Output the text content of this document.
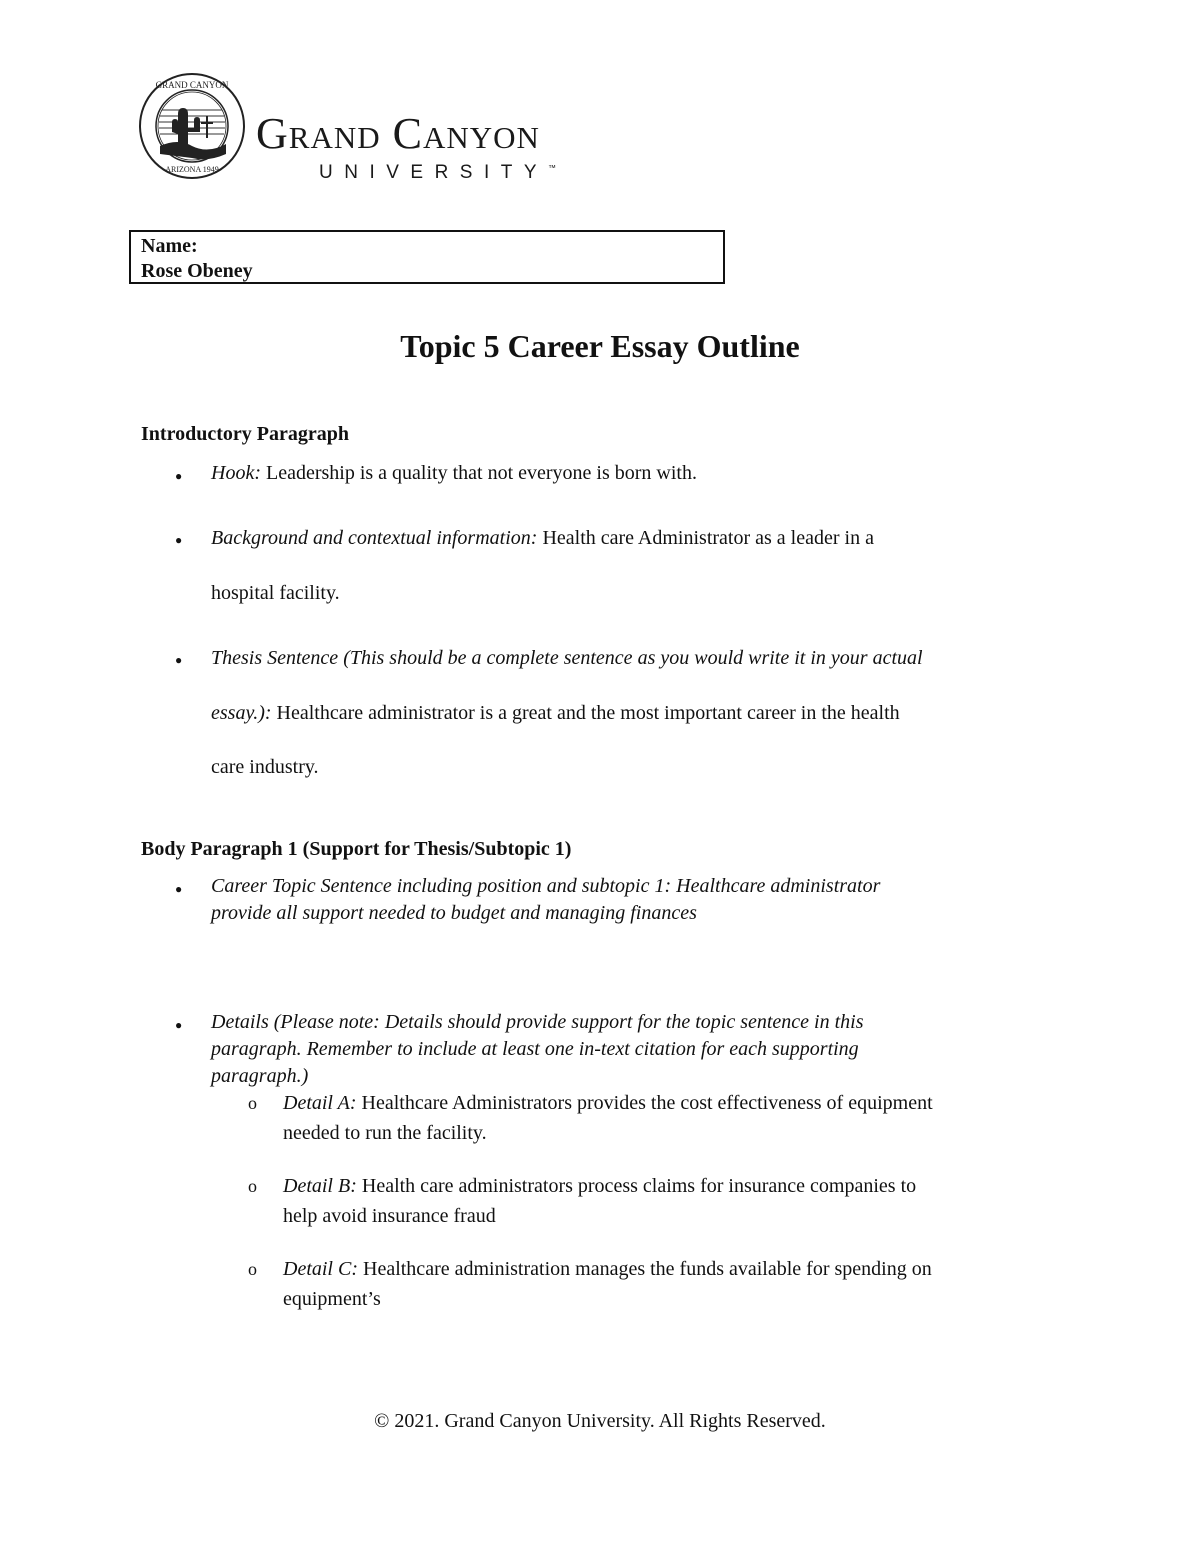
GRAND CANYON
ARIZONA 1949
Grand Canyon
UNIVERSITY™
Name:
Rose Obeney
Topic 5 Career Essay Outline
Introductory Paragraph
● Hook: Leadership is a quality that not everyone is born with.
● Background and contextual information: Health care Administrator as a leader in a
hospital facility.
● Thesis Sentence (This should be a complete sentence as you would write it in your actual
essay.): Healthcare administrator is a great and the most important career in the health
care industry.
Body Paragraph 1 (Support for Thesis/Subtopic 1)
● Career Topic Sentence including position and subtopic 1: Healthcare administrator
provide all support needed to budget and managing finances
● Details (Please note: Details should provide support for the topic sentence in this
paragraph. Remember to include at least one in-text citation for each supporting
paragraph.)
o Detail A: Healthcare Administrators provides the cost effectiveness of equipment
needed to run the facility.
o Detail B: Health care administrators process claims for insurance companies to
help avoid insurance fraud
o Detail C: Healthcare administration manages the funds available for spending on
equipment’s
© 2021. Grand Canyon University. All Rights Reserved.
